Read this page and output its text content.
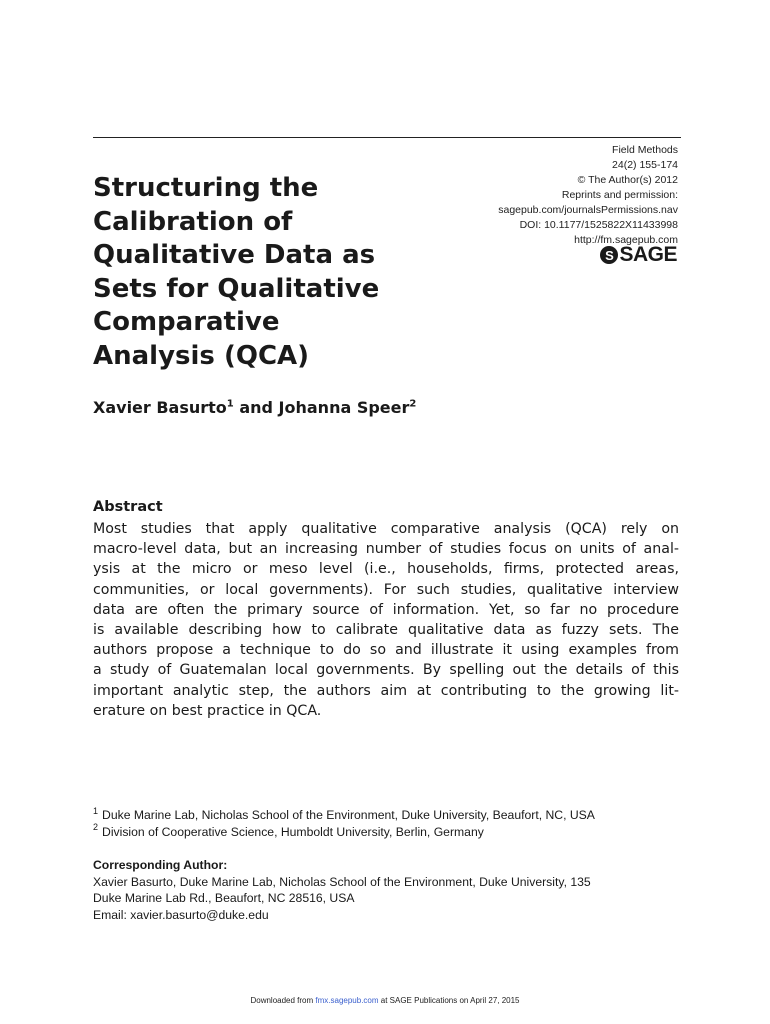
Field Methods
24(2) 155-174
© The Author(s) 2012
Reprints and permission:
sagepub.com/journalsPermissions.nav
DOI: 10.1177/1525822X11433998
http://fm.sagepub.com
S SAGE
Structuring the
Calibration of
Qualitative Data as
Sets for Qualitative
Comparative
Analysis (QCA)
Xavier Basurto$^1$ and Johanna Speer$^2$
Abstract
Most studies that apply qualitative comparative analysis (QCA) rely on
macro-level data, but an increasing number of studies focus on units of anal-
ysis at the micro or meso level (i.e., households, firms, protected areas,
communities, or local governments). For such studies, qualitative interview
data are often the primary source of information. Yet, so far no procedure
is available describing how to calibrate qualitative data as fuzzy sets. The
authors propose a technique to do so and illustrate it using examples from
a study of Guatemalan local governments. By spelling out the details of this
important analytic step, the authors aim at contributing to the growing lit-
erature on best practice in QCA.
$^1$ Duke Marine Lab, Nicholas School of the Environment, Duke University, Beaufort, NC, USA
$^2$ Division of Cooperative Science, Humboldt University, Berlin, Germany
Corresponding Author:
Xavier Basurto, Duke Marine Lab, Nicholas School of the Environment, Duke University, 135
Duke Marine Lab Rd., Beaufort, NC 28516, USA
Email: xavier.basurto@duke.edu
Downloaded from fmx.sagepub.com at SAGE Publications on April 27, 2015
